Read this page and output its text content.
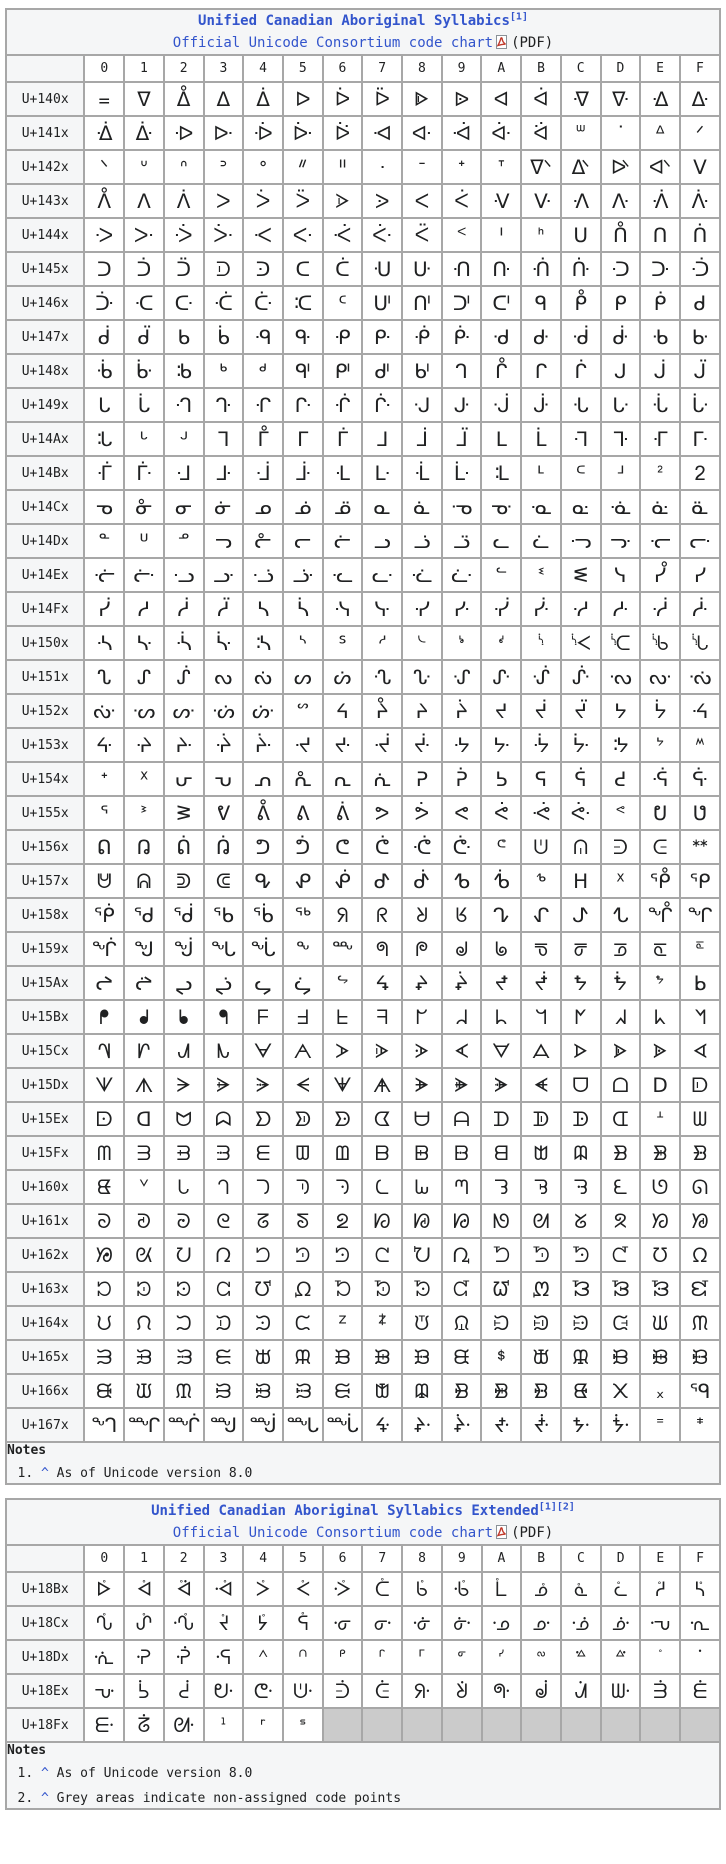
Unified Canadian Aboriginal Syllabics[1]
Official Unicode Consortium code chart (PDF)																

	0	1	2	3	4	5	6	7	8	9	A	B	C	D	E	F
U+140x	᐀	ᐁ	ᐂ	ᐃ	ᐄ	ᐅ	ᐆ	ᐇ	ᐈ	ᐉ	ᐊ	ᐋ	ᐌ	ᐍ	ᐎ	ᐏ
U+141x	ᐐ	ᐑ	ᐒ	ᐓ	ᐔ	ᐕ	ᐖ	ᐗ	ᐘ	ᐙ	ᐚ	ᐛ	ᐜ	ᐝ	ᐞ	ᐟ
U+142x	ᐠ	ᐡ	ᐢ	ᐣ	ᐤ	ᐥ	ᐦ	ᐧ	ᐨ	ᐩ	ᐪ	ᐫ	ᐬ	ᐭ	ᐮ	ᐯ
U+143x	ᐰ	ᐱ	ᐲ	ᐳ	ᐴ	ᐵ	ᐶ	ᐷ	ᐸ	ᐹ	ᐺ	ᐻ	ᐼ	ᐽ	ᐾ	ᐿ
U+144x	ᑀ	ᑁ	ᑂ	ᑃ	ᑄ	ᑅ	ᑆ	ᑇ	ᑈ	ᑉ	ᑊ	ᑋ	ᑌ	ᑍ	ᑎ	ᑏ
U+145x	ᑐ	ᑑ	ᑒ	ᑓ	ᑔ	ᑕ	ᑖ	ᑗ	ᑘ	ᑙ	ᑚ	ᑛ	ᑜ	ᑝ	ᑞ	ᑟ
U+146x	ᑠ	ᑡ	ᑢ	ᑣ	ᑤ	ᑥ	ᑦ	ᑧ	ᑨ	ᑩ	ᑪ	ᑫ	ᑬ	ᑭ	ᑮ	ᑯ
U+147x	ᑰ	ᑱ	ᑲ	ᑳ	ᑴ	ᑵ	ᑶ	ᑷ	ᑸ	ᑹ	ᑺ	ᑻ	ᑼ	ᑽ	ᑾ	ᑿ
U+148x	ᒀ	ᒁ	ᒂ	ᒃ	ᒄ	ᒅ	ᒆ	ᒇ	ᒈ	ᒉ	ᒊ	ᒋ	ᒌ	ᒍ	ᒎ	ᒏ
U+149x	ᒐ	ᒑ	ᒒ	ᒓ	ᒔ	ᒕ	ᒖ	ᒗ	ᒘ	ᒙ	ᒚ	ᒛ	ᒜ	ᒝ	ᒞ	ᒟ
U+14Ax	ᒠ	ᒡ	ᒢ	ᒣ	ᒤ	ᒥ	ᒦ	ᒧ	ᒨ	ᒩ	ᒪ	ᒫ	ᒬ	ᒭ	ᒮ	ᒯ
U+14Bx	ᒰ	ᒱ	ᒲ	ᒳ	ᒴ	ᒵ	ᒶ	ᒷ	ᒸ	ᒹ	ᒺ	ᒻ	ᒼ	ᒽ	ᒾ	ᒿ
U+14Cx	ᓀ	ᓁ	ᓂ	ᓃ	ᓄ	ᓅ	ᓆ	ᓇ	ᓈ	ᓉ	ᓊ	ᓋ	ᓌ	ᓍ	ᓎ	ᓏ
U+14Dx	ᓐ	ᓑ	ᓒ	ᓓ	ᓔ	ᓕ	ᓖ	ᓗ	ᓘ	ᓙ	ᓚ	ᓛ	ᓜ	ᓝ	ᓞ	ᓟ
U+14Ex	ᓠ	ᓡ	ᓢ	ᓣ	ᓤ	ᓥ	ᓦ	ᓧ	ᓨ	ᓩ	ᓪ	ᓫ	ᓬ	ᓭ	ᓮ	ᓯ
U+14Fx	ᓰ	ᓱ	ᓲ	ᓳ	ᓴ	ᓵ	ᓶ	ᓷ	ᓸ	ᓹ	ᓺ	ᓻ	ᓼ	ᓽ	ᓾ	ᓿ
U+150x	ᔀ	ᔁ	ᔂ	ᔃ	ᔄ	ᔅ	ᔆ	ᔇ	ᔈ	ᔉ	ᔊ	ᔋ	ᔌ	ᔍ	ᔎ	ᔏ
U+151x	ᔐ	ᔑ	ᔒ	ᔓ	ᔔ	ᔕ	ᔖ	ᔗ	ᔘ	ᔙ	ᔚ	ᔛ	ᔜ	ᔝ	ᔞ	ᔟ
U+152x	ᔠ	ᔡ	ᔢ	ᔣ	ᔤ	ᔥ	ᔦ	ᔧ	ᔨ	ᔩ	ᔪ	ᔫ	ᔬ	ᔭ	ᔮ	ᔯ
U+153x	ᔰ	ᔱ	ᔲ	ᔳ	ᔴ	ᔵ	ᔶ	ᔷ	ᔸ	ᔹ	ᔺ	ᔻ	ᔼ	ᔽ	ᔾ	ᔿ
U+154x	ᕀ	ᕁ	ᕂ	ᕃ	ᕄ	ᕅ	ᕆ	ᕇ	ᕈ	ᕉ	ᕊ	ᕋ	ᕌ	ᕍ	ᕎ	ᕏ
U+155x	ᕐ	ᕑ	ᕒ	ᕓ	ᕔ	ᕕ	ᕖ	ᕗ	ᕘ	ᕙ	ᕚ	ᕛ	ᕜ	ᕝ	ᕞ	ᕟ
U+156x	ᕠ	ᕡ	ᕢ	ᕣ	ᕤ	ᕥ	ᕦ	ᕧ	ᕨ	ᕩ	ᕪ	ᕫ	ᕬ	ᕭ	ᕮ	ᕯ
U+157x	ᕰ	ᕱ	ᕲ	ᕳ	ᕴ	ᕵ	ᕶ	ᕷ	ᕸ	ᕹ	ᕺ	ᕻ	ᕼ	ᕽ	ᕾ	ᕿ
U+158x	ᖀ	ᖁ	ᖂ	ᖃ	ᖄ	ᖅ	ᖆ	ᖇ	ᖈ	ᖉ	ᖊ	ᖋ	ᖌ	ᖍ	ᖎ	ᖏ
U+159x	ᖐ	ᖑ	ᖒ	ᖓ	ᖔ	ᖕ	ᖖ	ᖗ	ᖘ	ᖙ	ᖚ	ᖛ	ᖜ	ᖝ	ᖞ	ᖟ
U+15Ax	ᖠ	ᖡ	ᖢ	ᖣ	ᖤ	ᖥ	ᖦ	ᖧ	ᖨ	ᖩ	ᖪ	ᖫ	ᖬ	ᖭ	ᖮ	ᖯ
U+15Bx	ᖰ	ᖱ	ᖲ	ᖳ	ᖴ	ᖵ	ᖶ	ᖷ	ᖸ	ᖹ	ᖺ	ᖻ	ᖼ	ᖽ	ᖾ	ᖿ
U+15Cx	ᗀ	ᗁ	ᗂ	ᗃ	ᗄ	ᗅ	ᗆ	ᗇ	ᗈ	ᗉ	ᗊ	ᗋ	ᗌ	ᗍ	ᗎ	ᗏ
U+15Dx	ᗐ	ᗑ	ᗒ	ᗓ	ᗔ	ᗕ	ᗖ	ᗗ	ᗘ	ᗙ	ᗚ	ᗛ	ᗜ	ᗝ	ᗞ	ᗟ
U+15Ex	ᗠ	ᗡ	ᗢ	ᗣ	ᗤ	ᗥ	ᗦ	ᗧ	ᗨ	ᗩ	ᗪ	ᗫ	ᗬ	ᗭ	ᗮ	ᗯ
U+15Fx	ᗰ	ᗱ	ᗲ	ᗳ	ᗴ	ᗵ	ᗶ	ᗷ	ᗸ	ᗹ	ᗺ	ᗻ	ᗼ	ᗽ	ᗾ	ᗿ
U+160x	ᘀ	ᘁ	ᘂ	ᘃ	ᘄ	ᘅ	ᘆ	ᘇ	ᘈ	ᘉ	ᘊ	ᘋ	ᘌ	ᘍ	ᘎ	ᘏ
U+161x	ᘐ	ᘑ	ᘒ	ᘓ	ᘔ	ᘕ	ᘖ	ᘗ	ᘘ	ᘙ	ᘚ	ᘛ	ᘜ	ᘝ	ᘞ	ᘟ
U+162x	ᘠ	ᘡ	ᘢ	ᘣ	ᘤ	ᘥ	ᘦ	ᘧ	ᘨ	ᘩ	ᘪ	ᘫ	ᘬ	ᘭ	ᘮ	ᘯ
U+163x	ᘰ	ᘱ	ᘲ	ᘳ	ᘴ	ᘵ	ᘶ	ᘷ	ᘸ	ᘹ	ᘺ	ᘻ	ᘼ	ᘽ	ᘾ	ᘿ
U+164x	ᙀ	ᙁ	ᙂ	ᙃ	ᙄ	ᙅ	ᙆ	ᙇ	ᙈ	ᙉ	ᙊ	ᙋ	ᙌ	ᙍ	ᙎ	ᙏ
U+165x	ᙐ	ᙑ	ᙒ	ᙓ	ᙔ	ᙕ	ᙖ	ᙗ	ᙘ	ᙙ	ᙚ	ᙛ	ᙜ	ᙝ	ᙞ	ᙟ
U+166x	ᙠ	ᙡ	ᙢ	ᙣ	ᙤ	ᙥ	ᙦ	ᙧ	ᙨ	ᙩ	ᙪ	ᙫ	ᙬ	᙭	᙮	ᙯ
U+167x	ᙰ	ᙱ	ᙲ	ᙳ	ᙴ	ᙵ	ᙶ	ᙷ	ᙸ	ᙹ	ᙺ	ᙻ	ᙼ	ᙽ	ᙾ	ᙿ

Notes
1. ^ As of Unicode version 8.0
Unified Canadian Aboriginal Syllabics Extended[1][2]
Official Unicode Consortium code chart (PDF)																

	0	1	2	3	4	5	6	7	8	9	A	B	C	D	E	F
U+18Bx	ᢰ	ᢱ	ᢲ	ᢳ	ᢴ	ᢵ	ᢶ	ᢷ	ᢸ	ᢹ	ᢺ	ᢻ	ᢼ	ᢽ	ᢾ	ᢿ
U+18Cx	ᣀ	ᣁ	ᣂ	ᣃ	ᣄ	ᣅ	ᣆ	ᣇ	ᣈ	ᣉ	ᣊ	ᣋ	ᣌ	ᣍ	ᣎ	ᣏ
U+18Dx	ᣐ	ᣑ	ᣒ	ᣓ	ᣔ	ᣕ	ᣖ	ᣗ	ᣘ	ᣙ	ᣚ	ᣛ	ᣜ	ᣝ	ᣞ	ᣟ
U+18Ex	ᣠ	ᣡ	ᣢ	ᣣ	ᣤ	ᣥ	ᣦ	ᣧ	ᣨ	ᣩ	ᣪ	ᣫ	ᣬ	ᣭ	ᣮ	ᣯ
U+18Fx	ᣰ	ᣱ	ᣲ	ᣳ	ᣴ	ᣵ										

Notes
1. ^ As of Unicode version 8.0
2. ^ Grey areas indicate non-assigned code points
